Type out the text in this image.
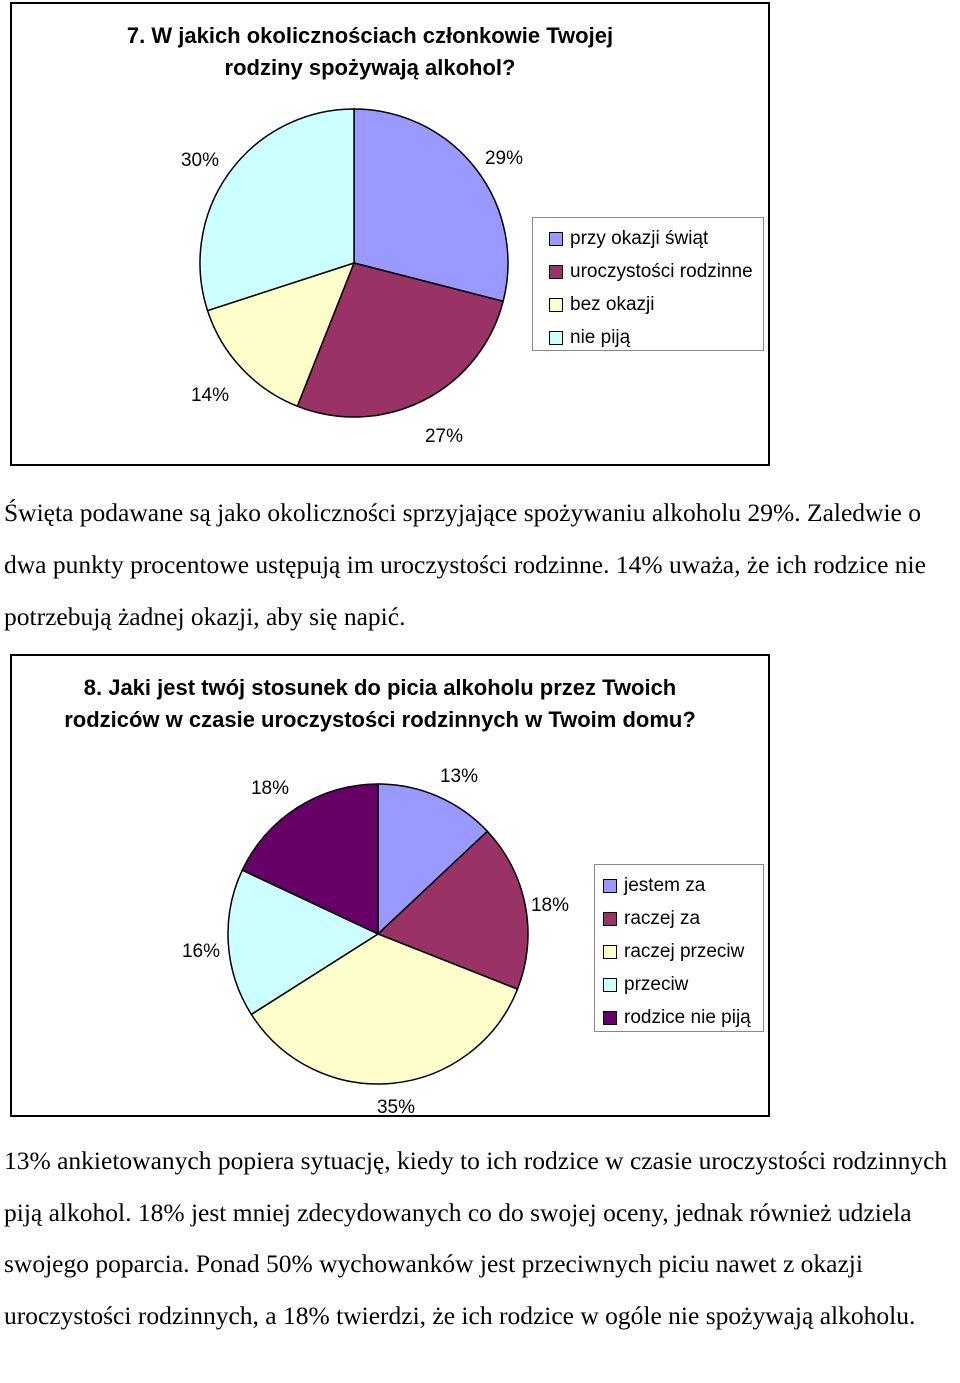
7. W jakich okolicznościach członkowie Twojej rodziny spożywają alkohol?
29%
27%
14%
30%
przy okazji świąt
uroczystości rodzinne
bez okazji
nie piją
Święta podawane są jako okoliczności sprzyjające spożywaniu alkoholu 29%. Zaledwie o dwa punkty procentowe ustępują im uroczystości rodzinne. 14% uważa, że ich rodzice nie potrzebują żadnej okazji, aby się napić.
8. Jaki jest twój stosunek do picia alkoholu przez Twoich rodziców w czasie uroczystości rodzinnych w Twoim domu?
13%
18%
35%
16%
18%
jestem za
raczej za
raczej przeciw
przeciw
rodzice nie piją
13% ankietowanych popiera sytuację, kiedy to ich rodzice w czasie uroczystości rodzinnych piją alkohol. 18% jest mniej zdecydowanych co do swojej oceny, jednak również udziela swojego poparcia. Ponad 50% wychowanków jest przeciwnych piciu nawet z okazji uroczystości rodzinnych, a 18% twierdzi, że ich rodzice w ogóle nie spożywają alkoholu.
